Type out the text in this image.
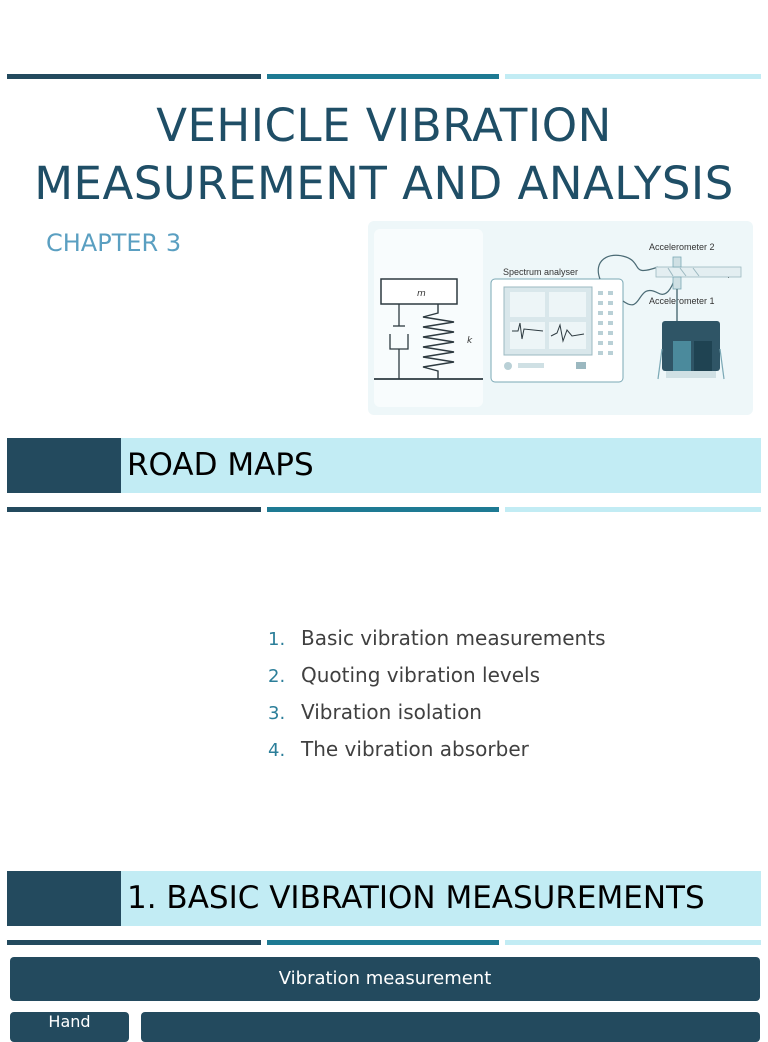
VEHICLE VIBRATION
MEASUREMENT AND ANALYSIS
CHAPTER 3
m
k
Spectrum analyser
Accelerometer 2
Accelerometer 1
ROAD MAPS
1. Basic vibration measurements
2. Quoting vibration levels
3. Vibration isolation
4. The vibration absorber
1. BASIC VIBRATION MEASUREMENTS
Vibration measurement
Hand
